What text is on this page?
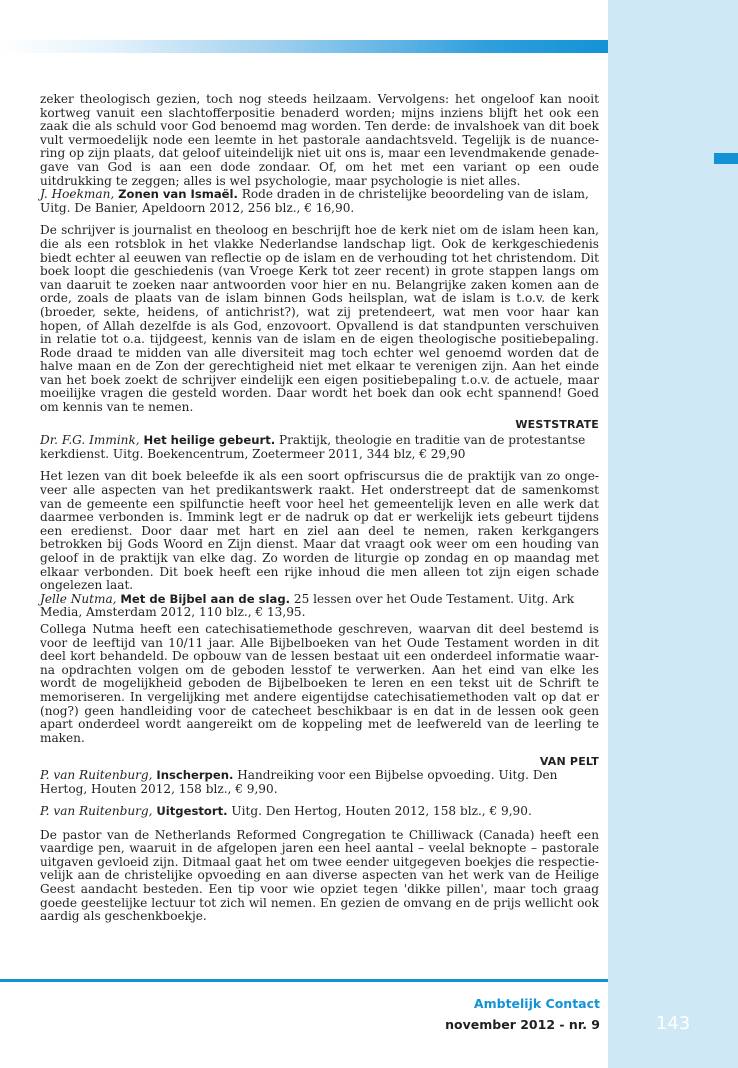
zeker theologisch gezien, toch nog steeds heilzaam. Vervolgens: het ongeloof kan nooit kortweg vanuit een slachtofferpositie benaderd worden; mijns inziens blijft het ook een zaak die als schuld voor God benoemd mag worden. Ten derde: de invalshoek van dit boek vult vermoedelijk node een leemte in het pastorale aandachtsveld. Tegelijk is de nuancering op zijn plaats, dat geloof uiteindelijk niet uit ons is, maar een levendmakende genadegave van God is aan een dode zondaar. Of, om het met een variant op een oude uitdrukking te zeggen; alles is wel psychologie, maar psychologie is niet alles.

J. Hoekman, Zonen van Ismaël. Rode draden in de christelijke beoordeling van de islam, Uitg. De Banier, Apeldoorn 2012, 256 blz., € 16,90.

De schrijver is journalist en theoloog en beschrijft hoe de kerk niet om de islam heen kan, die als een rotsblok in het vlakke Nederlandse landschap ligt. Ook de kerkgeschiedenis biedt echter al eeuwen van reflectie op de islam en de verhouding tot het christendom. Dit boek loopt die geschiedenis (van Vroege Kerk tot zeer recent) in grote stappen langs om van daaruit te zoeken naar antwoorden voor hier en nu. Belangrijke zaken komen aan de orde, zoals de plaats van de islam binnen Gods heilsplan, wat de islam is t.o.v. de kerk (broeder, sekte, heidens, of antichrist?), wat zij pretendeert, wat men voor haar kan hopen, of Allah dezelfde is als God, enzovoort. Opvallend is dat standpunten verschuiven in relatie tot o.a. tijdgeest, kennis van de islam en de eigen theologische positiebepaling. Rode draad te midden van alle diversiteit mag toch echter wel genoemd worden dat de halve maan en de Zon der gerechtigheid niet met elkaar te verenigen zijn. Aan het einde van het boek zoekt de schrijver eindelijk een eigen positiebepaling t.o.v. de actuele, maar moeilijke vragen die gesteld worden. Daar wordt het boek dan ook echt spannend! Goed om kennis van te nemen.

WESTSTRATE

Dr. F.G. Immink, Het heilige gebeurt. Praktijk, theologie en traditie van de protestantse kerkdienst. Uitg. Boekencentrum, Zoetermeer 2011, 344 blz, € 29,90

Het lezen van dit boek beleefde ik als een soort opfriscursus die de praktijk van zo ongeveer alle aspecten van het predikantswerk raakt. Het onderstreept dat de samenkomst van de gemeente een spilfunctie heeft voor heel het gemeentelijk leven en alle werk dat daarmee verbonden is. Immink legt er de nadruk op dat er werkelijk iets gebeurt tijdens een eredienst. Door daar met hart en ziel aan deel te nemen, raken kerkgangers betrokken bij Gods Woord en Zijn dienst. Maar dat vraagt ook weer om een houding van geloof in de praktijk van elke dag. Zo worden de liturgie op zondag en op maandag met elkaar verbonden. Dit boek heeft een rijke inhoud die men alleen tot zijn eigen schade ongelezen laat.

Jelle Nutma, Met de Bijbel aan de slag. 25 lessen over het Oude Testament. Uitg. Ark Media, Amsterdam 2012, 110 blz., € 13,95.

Collega Nutma heeft een catechisatiemethode geschreven, waarvan dit deel bestemd is voor de leeftijd van 10/11 jaar. Alle Bijbelboeken van het Oude Testament worden in dit deel kort behandeld. De opbouw van de lessen bestaat uit een onderdeel informatie waarna opdrachten volgen om de geboden lesstof te verwerken. Aan het eind van elke les wordt de mogelijkheid geboden de Bijbelboeken te leren en een tekst uit de Schrift te memoriseren. In vergelijking met andere eigentijdse catechisatiemethoden valt op dat er (nog?) geen handleiding voor de catecheet beschikbaar is en dat in de lessen ook geen apart onderdeel wordt aangereikt om de koppeling met de leefwereld van de leerling te maken.

VAN PELT

P. van Ruitenburg, Inscherpen. Handreiking voor een Bijbelse opvoeding. Uitg. Den Hertog, Houten 2012, 158 blz., € 9,90.

P. van Ruitenburg, Uitgestort. Uitg. Den Hertog, Houten 2012, 158 blz., € 9,90.

De pastor van de Netherlands Reformed Congregation te Chilliwack (Canada) heeft een vaardige pen, waaruit in de afgelopen jaren een heel aantal – veelal beknopte – pastorale uitgaven gevloeid zijn. Ditmaal gaat het om twee eender uitgegeven boekjes die respectievelijk aan de christelijke opvoeding en aan diverse aspecten van het werk van de Heilige Geest aandacht besteden. Een tip voor wie opziet tegen 'dikke pillen', maar toch graag goede geestelijke lectuur tot zich wil nemen. En gezien de omvang en de prijs wellicht ook aardig als geschenkboekje.

Ambtelijk Contact
november 2012 - nr. 9	143
